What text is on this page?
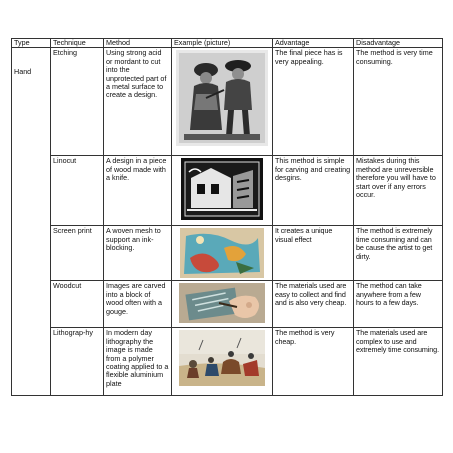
Type	Technique	Method	Example (picture)	Advantage	Disadvantage
Hand	Etching	Using strong acid or mordant to cut into the unprotected part of a metal surface to create a design.		The final piece has is very appealing.	The method is very time consuming.
	Linocut	A design in a piece of wood made with a knife.		This method is simple for carving and creating desgins.	Mistakes during this method are unreversible therefore you will have to start over if any errors occur.
	Screen print	A woven mesh to support an ink-blocking.		It creates a unique visual effect	The method is extremely time consuming and can be cause the artist to get dirty.
	Woodcut	Images are carved into a block of wood often with a gouge.		The materials used are easy to collect and find and is also very cheap.	The method can take anywhere from a few hours to a few days.
	Lithograp-hy	In modern day lithography the image is made from a polymer coating applied to a flexible aluminium plate		The method is very cheap.	The materials used are complex to use and extremely time consuming.
